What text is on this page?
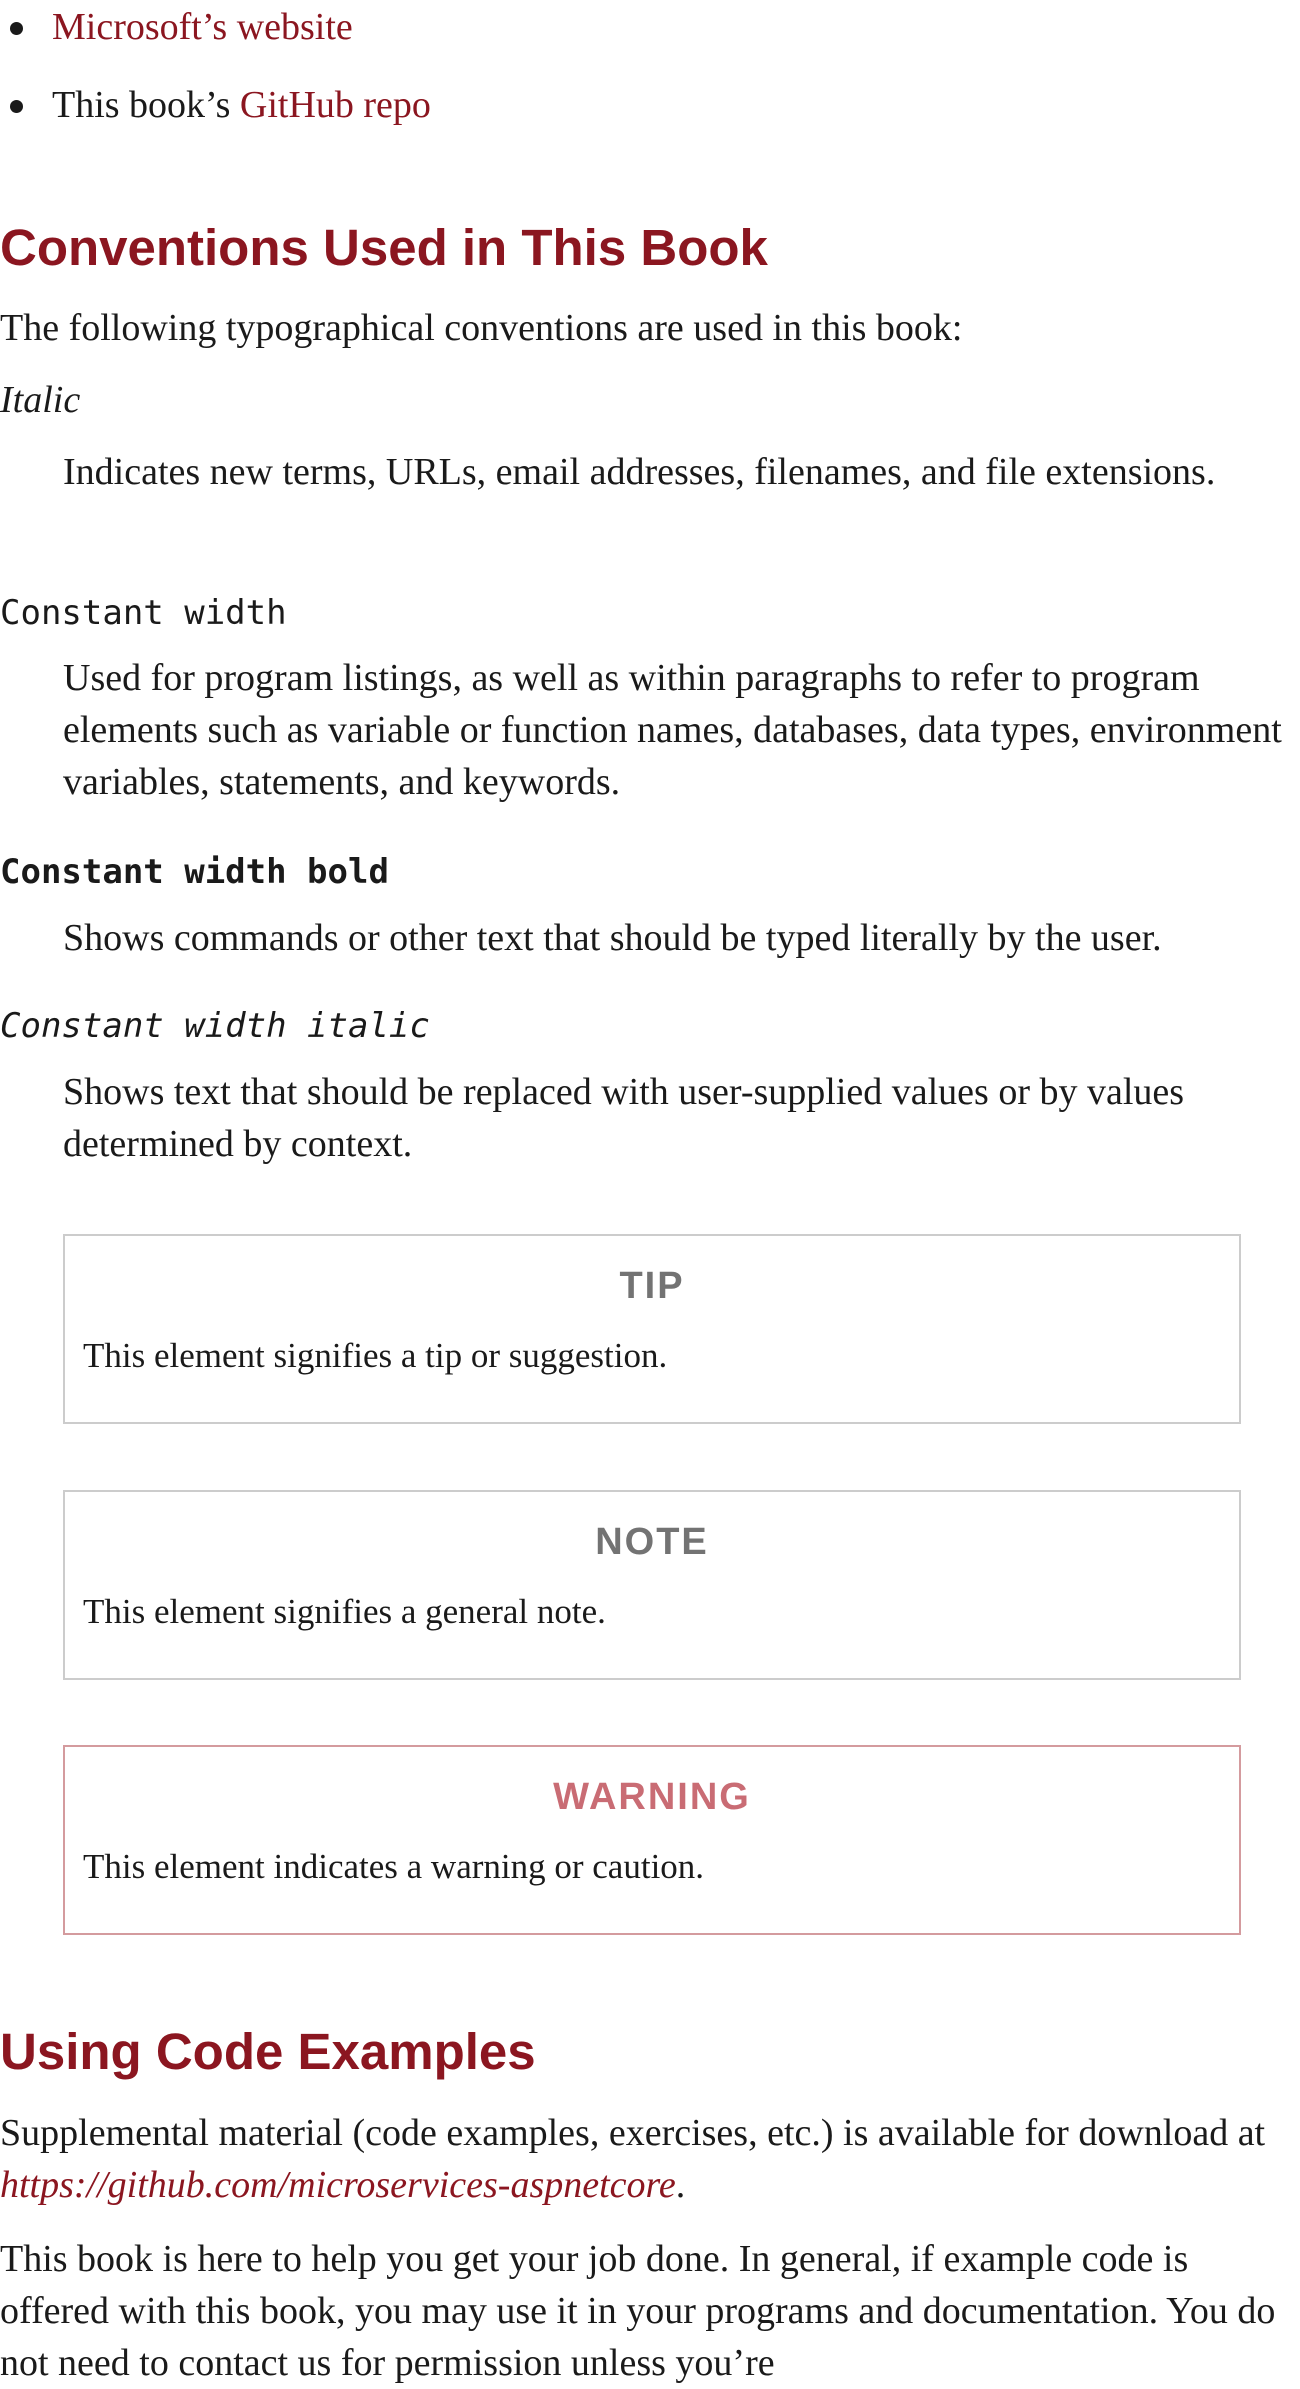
Microsoft’s website
This book’s GitHub repo
Conventions Used in This Book

The following typographical conventions are used in this book:

Italic

Indicates new terms, URLs, email addresses, filenames, and file extensions.

Constant width

Used for program listings, as well as within paragraphs to refer to program elements such as variable or function names, databases, data types, environment variables, statements, and keywords.

Constant width bold

Shows commands or other text that should be typed literally by the user.

Constant width italic

Shows text that should be replaced with user-supplied values or by values determined by context.

TIP
This element signifies a tip or suggestion.
NOTE
This element signifies a general note.
WARNING
This element indicates a warning or caution.
Using Code Examples

Supplemental material (code examples, exercises, etc.) is available for download at https://github.com/microservices-aspnetcore.

This book is here to help you get your job done. In general, if example code is offered with this book, you may use it in your programs and documentation. You do not need to contact us for permission unless you’re
